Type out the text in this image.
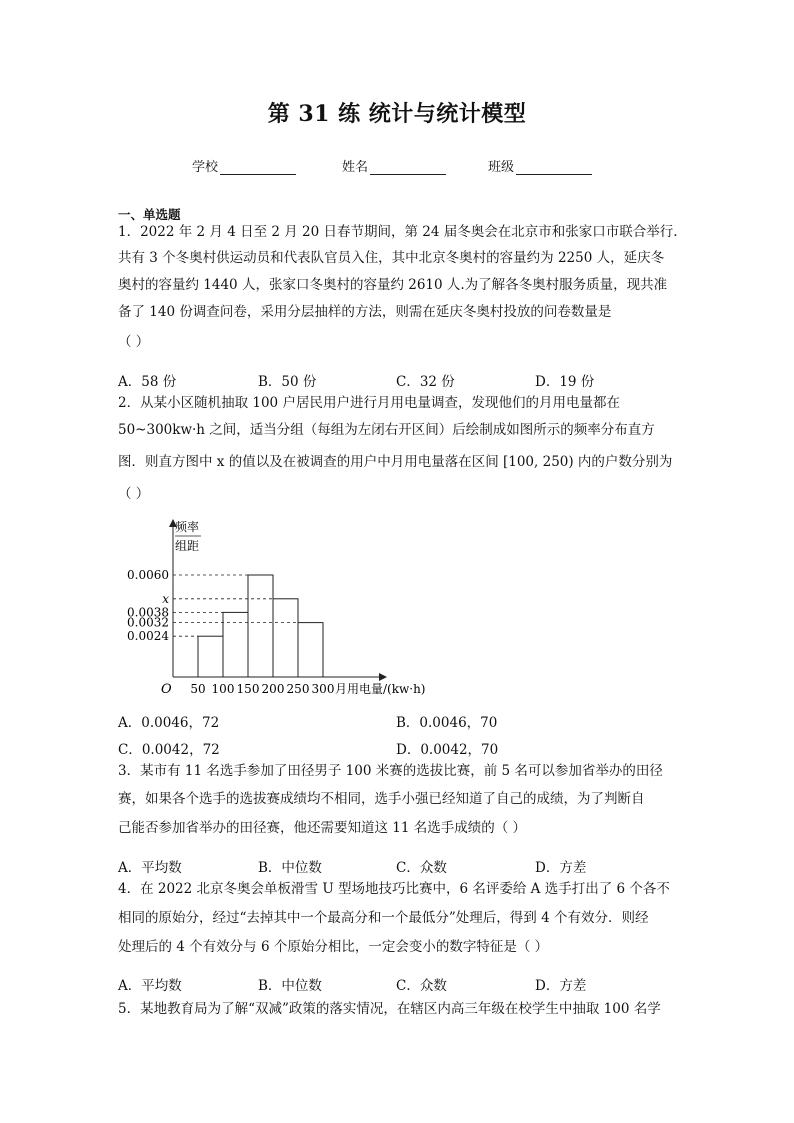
第 31 练 统计与统计模型
学校	姓名	班级
一、单选题
1．2022 年 2 月 4 日至 2 月 20 日春节期间，第 24 届冬奥会在北京市和张家口市联合举行.
共有 3 个冬奥村供运动员和代表队官员入住，其中北京冬奥村的容量约为 2250 人，延庆冬
奥村的容量约 1440 人，张家口冬奥村的容量约 2610 人.为了解各冬奥村服务质量，现共准
备了 140 份调查问卷，采用分层抽样的方法，则需在延庆冬奥村投放的问卷数量是
（ ）
A．58 份	B．50 份	C．32 份	D．19 份
2．从某小区随机抽取 100 户居民用户进行月用电量调查，发现他们的月用电量都在
50~300kw·h 之间，适当分组（每组为左闭右开区间）后绘制成如图所示的频率分布直方
图．则直方图中 x 的值以及在被调查的用户中月用电量落在区间 [100, 250) 内的户数分别为
（ ）
0.0060
x
0.0038
0.0032
0.0024
50 100 150 200 250 300
O	月用电量/(kw·h)
频率
组距
A．0.0046，72	B．0.0046，70
C．0.0042，72	D．0.0042，70
3．某市有 11 名选手参加了田径男子 100 米赛的选拔比赛，前 5 名可以参加省举办的田径
赛，如果各个选手的选拔赛成绩均不相同，选手小强已经知道了自己的成绩，为了判断自
己能否参加省举办的田径赛，他还需要知道这 11 名选手成绩的（ ）
A．平均数	B．中位数	C．众数	D．方差
4．在 2022 北京冬奥会单板滑雪 U 型场地技巧比赛中，6 名评委给 A 选手打出了 6 个各不
相同的原始分，经过“去掉其中一个最高分和一个最低分”处理后，得到 4 个有效分．则经
处理后的 4 个有效分与 6 个原始分相比，一定会变小的数字特征是（ ）
A．平均数	B．中位数	C．众数	D．方差
5．某地教育局为了解“双减”政策的落实情况，在辖区内高三年级在校学生中抽取 100 名学
